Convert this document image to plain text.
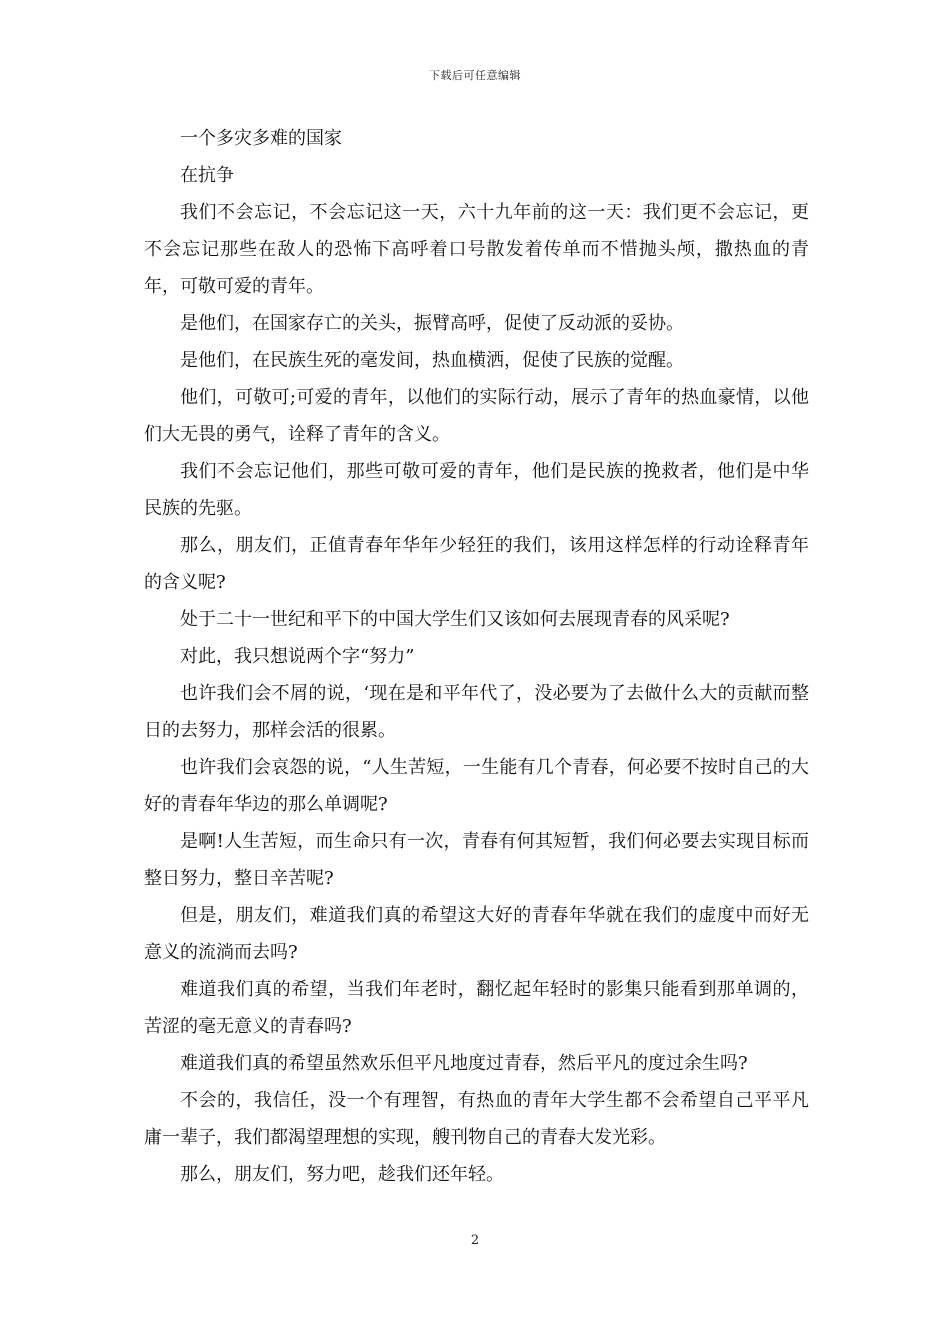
下载后可任意编辑

一个多灾多难的国家

在抗争

我们不会忘记，不会忘记这一天，六十九年前的这一天：我们更不会忘记，更不会忘记那些在敌人的恐怖下高呼着口号散发着传单而不惜抛头颅，撒热血的青年，可敬可爱的青年。

是他们，在国家存亡的关头，振臂高呼，促使了反动派的妥协。

是他们，在民族生死的毫发间，热血横洒，促使了民族的觉醒。

他们，可敬可;可爱的青年，以他们的实际行动，展示了青年的热血豪情，以他们大无畏的勇气，诠释了青年的含义。

我们不会忘记他们，那些可敬可爱的青年，他们是民族的挽救者，他们是中华民族的先驱。

那么，朋友们，正值青春年华年少轻狂的我们，该用这样怎样的行动诠释青年的含义呢?

处于二十一世纪和平下的中国大学生们又该如何去展现青春的风采呢?

对此，我只想说两个字“努力”

也许我们会不屑的说，‘现在是和平年代了，没必要为了去做什么大的贡献而整日的去努力，那样会活的很累。

也许我们会哀怨的说，“人生苦短，一生能有几个青春，何必要不按时自己的大好的青春年华边的那么单调呢?

是啊!人生苦短，而生命只有一次，青春有何其短暂，我们何必要去实现目标而整日努力，整日辛苦呢?

但是，朋友们，难道我们真的希望这大好的青春年华就在我们的虚度中而好无意义的流淌而去吗?

难道我们真的希望，当我们年老时，翻忆起年轻时的影集只能看到那单调的，苦涩的毫无意义的青春吗?

难道我们真的希望虽然欢乐但平凡地度过青春，然后平凡的度过余生吗?

不会的，我信任，没一个有理智，有热血的青年大学生都不会希望自己平平凡庸一辈子，我们都渴望理想的实现，艘刊物自己的青春大发光彩。

那么，朋友们，努力吧，趁我们还年轻。

2
